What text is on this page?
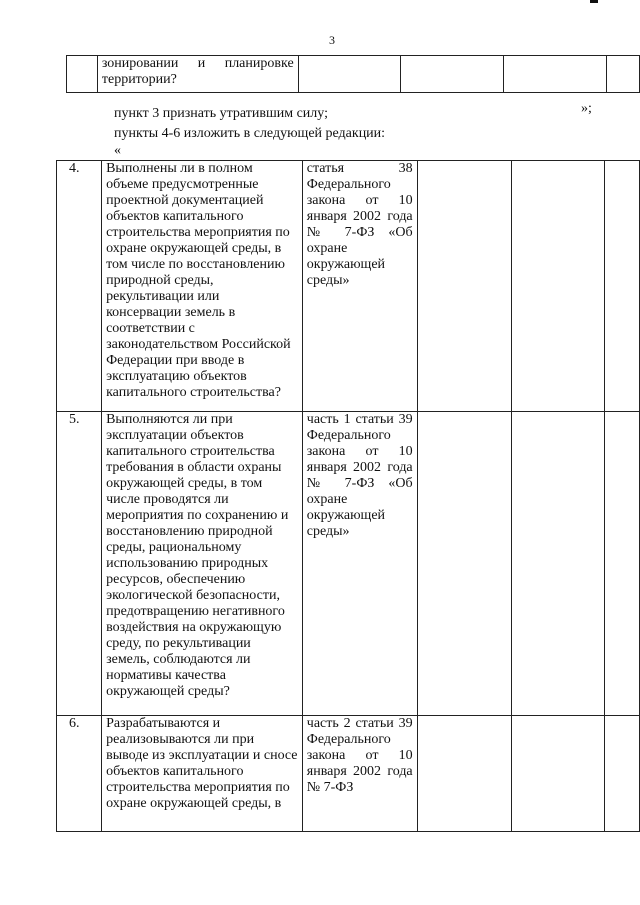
3
	зонировании и планировке территории?				
пункт 3 признать утратившим силу;	»;
пункты 4-6 изложить в следующей редакции:
«
4.	Выполнены ли в полном объеме предусмотренные проектной документацией объектов капитального строительства мероприятия по охране окружающей среды, в том числе по восстановлению природной среды, рекультивации или консервации земель в соответствии с законодательством Российской Федерации при вводе в эксплуатацию объектов капитального строительства?	статья 38 Федерального закона от 10 января 2002 года № 7-ФЗ «Об охране окружающей среды»			
5.	Выполняются ли при эксплуатации объектов капитального строительства требования в области охраны окружающей среды, в том числе проводятся ли мероприятия по сохранению и восстановлению природной среды, рациональному использованию природных ресурсов, обеспечению экологической безопасности, предотвращению негативного воздействия на окружающую среду, по рекультивации земель, соблюдаются ли нормативы качества окружающей среды?	часть 1 статьи 39 Федерального закона от 10 января 2002 года № 7-ФЗ «Об охране окружающей среды»			
6.	Разрабатываются и реализовываются ли при выводе из эксплуатации и сносе объектов капитального строительства мероприятия по охране окружающей среды, в	часть 2 статьи 39 Федерального закона от 10 января 2002 года № 7-ФЗ			
